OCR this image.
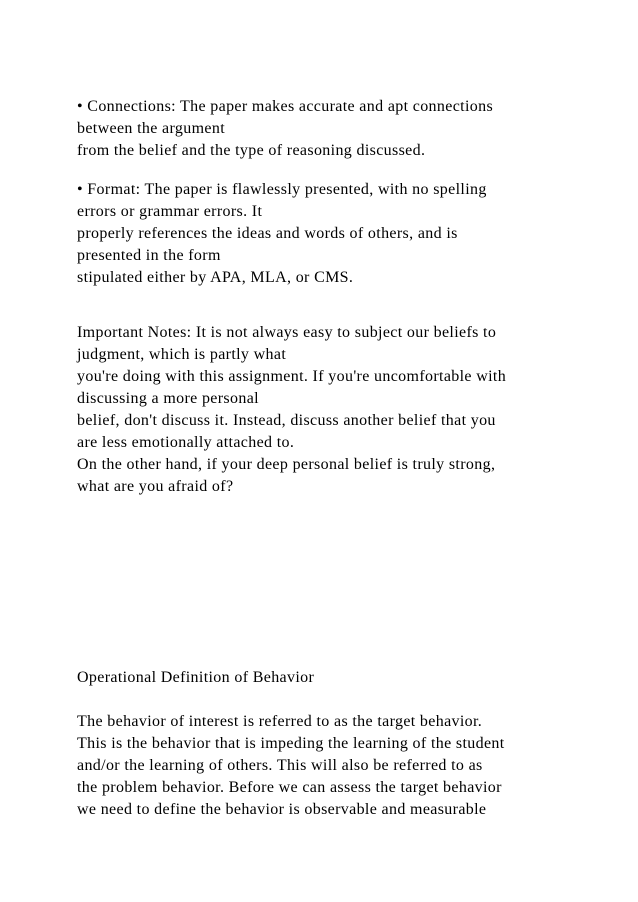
• Connections: The paper makes accurate and apt connections

between the argument

from the belief and the type of reasoning discussed.

• Format: The paper is flawlessly presented, with no spelling

errors or grammar errors. It

properly references the ideas and words of others, and is

presented in the form

stipulated either by APA, MLA, or CMS.

Important Notes: It is not always easy to subject our beliefs to

judgment, which is partly what

you're doing with this assignment. If you're uncomfortable with

discussing a more personal

belief, don't discuss it. Instead, discuss another belief that you

are less emotionally attached to.

On the other hand, if your deep personal belief is truly strong,

what are you afraid of?

Operational Definition of Behavior

The behavior of interest is referred to as the target behavior.

This is the behavior that is impeding the learning of the student

and/or the learning of others. This will also be referred to as

the problem behavior. Before we can assess the target behavior

we need to define the behavior is observable and measurable
